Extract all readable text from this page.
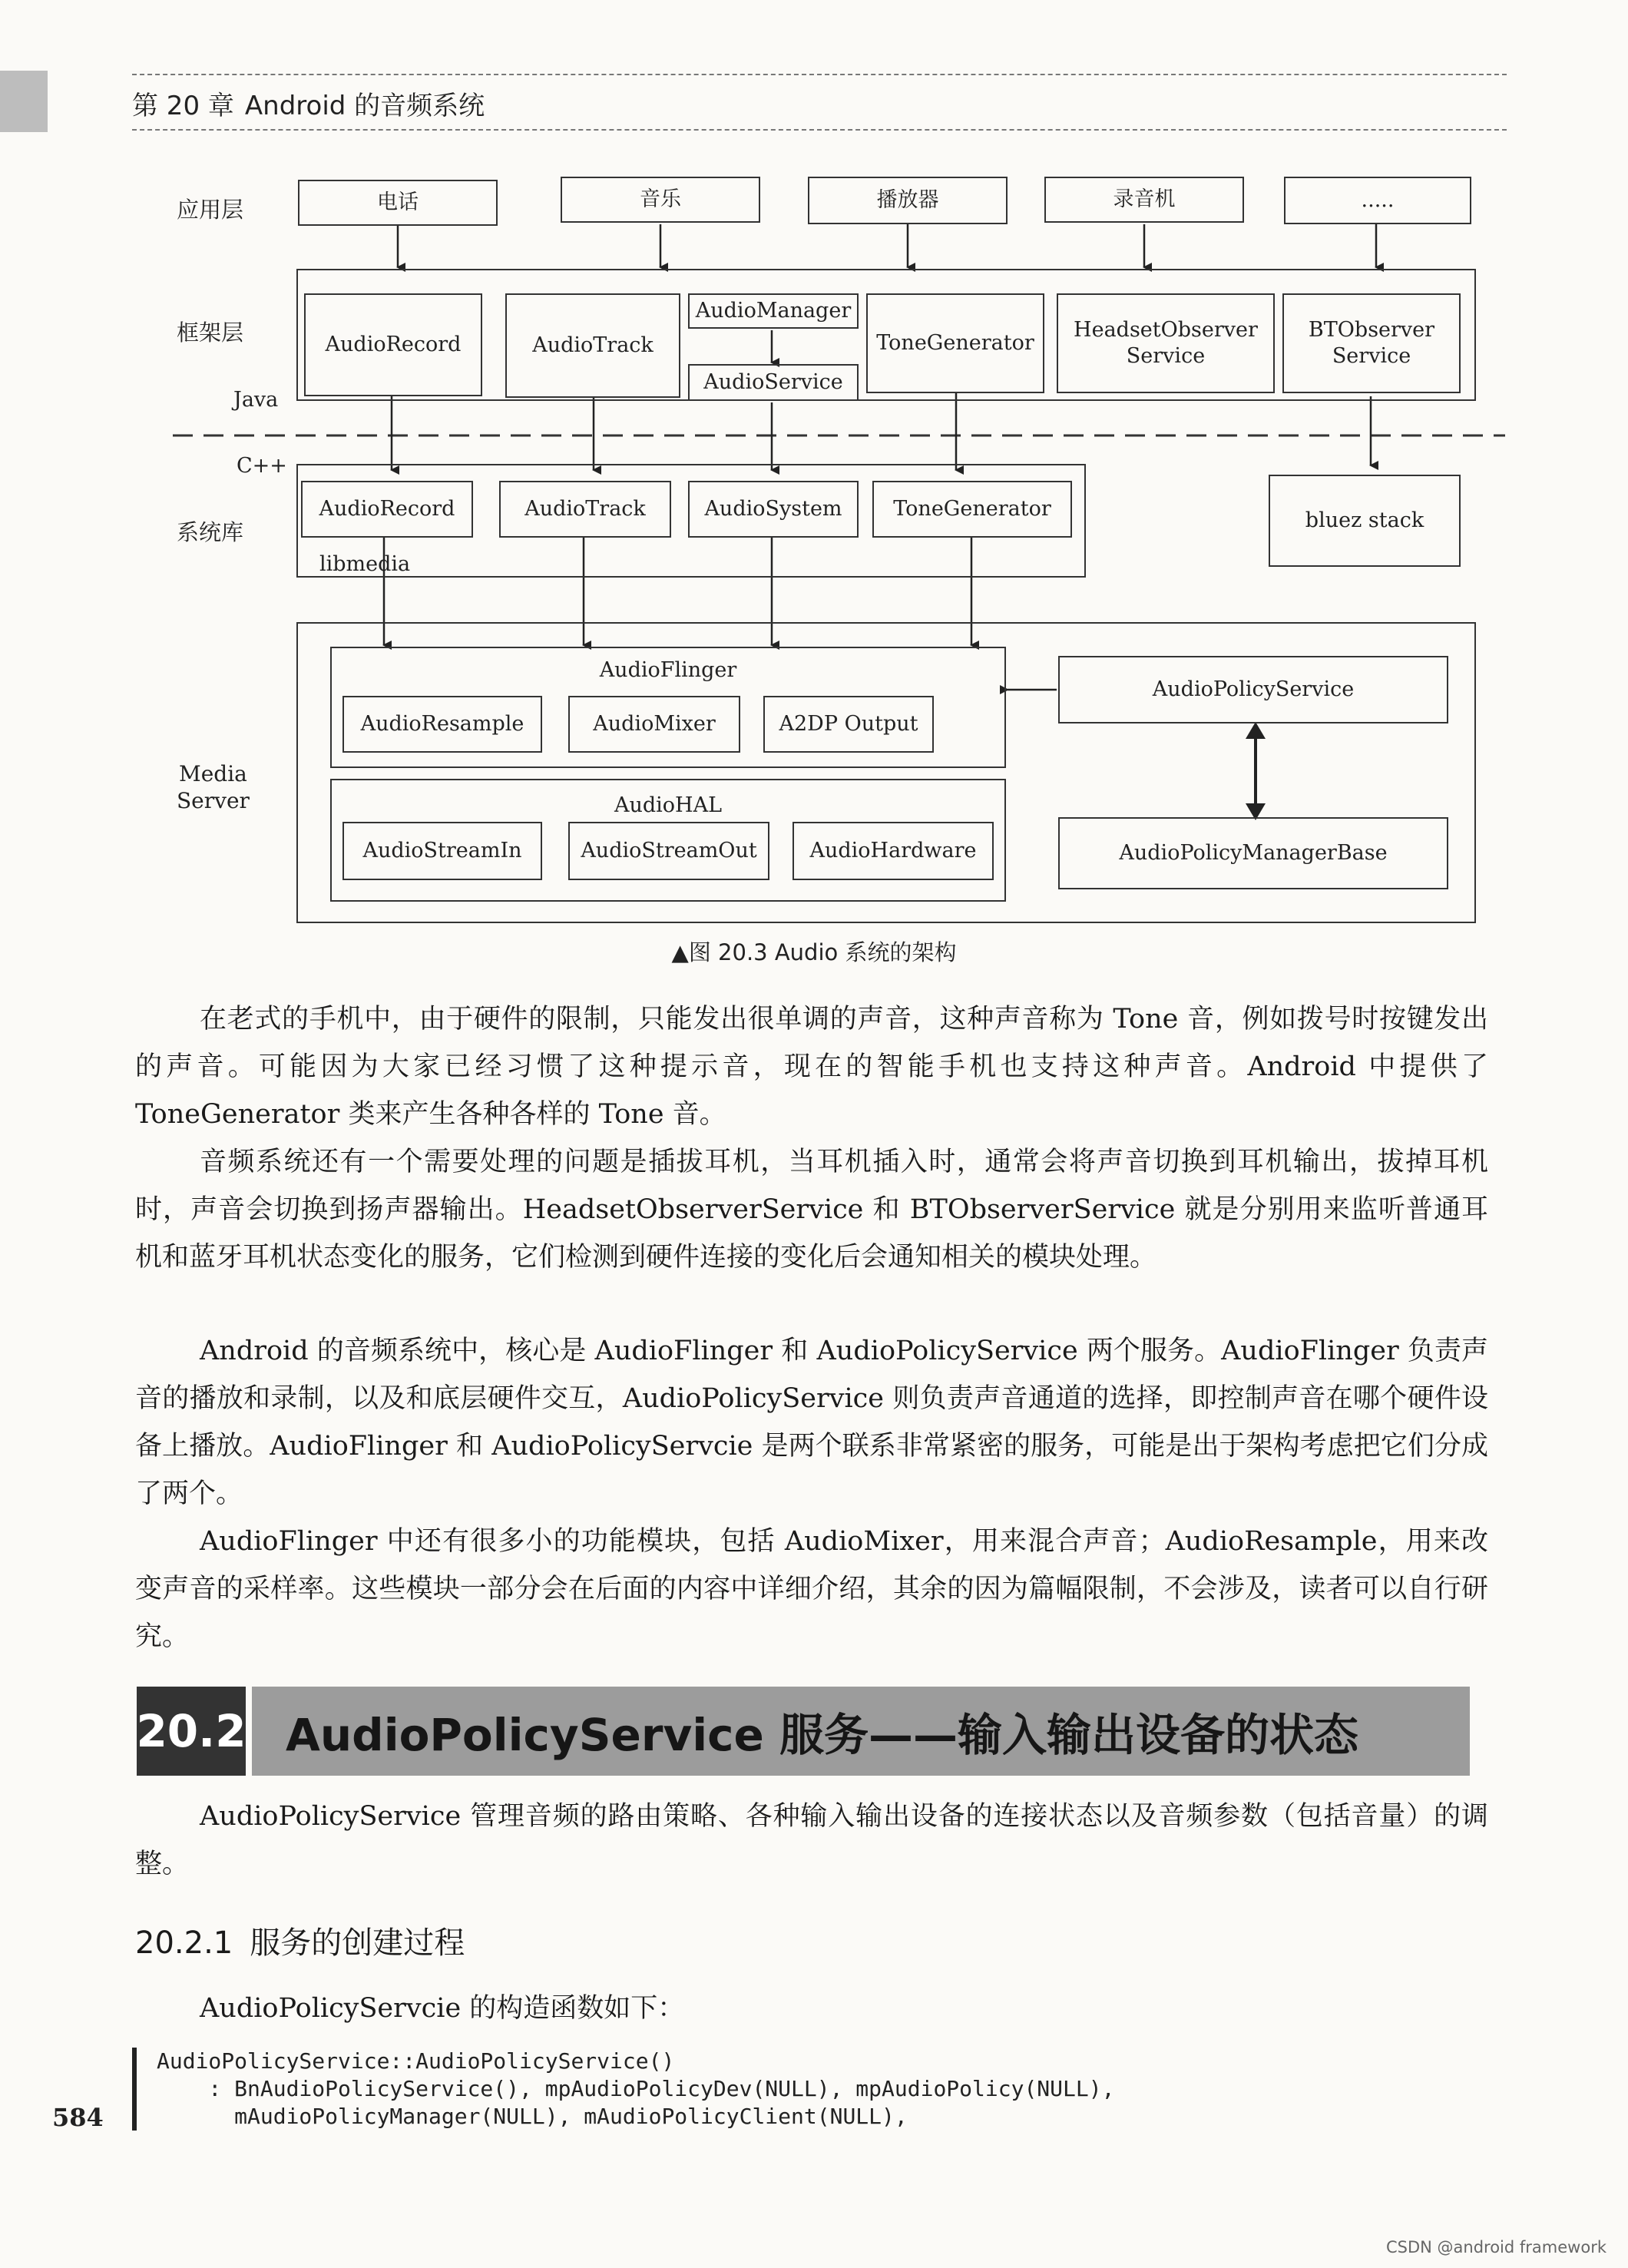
第 20 章 Android 的音频系统
应用层
框架层
Java
C++
系统库
Media
Server
电话	音乐	播放器	录音机	.....
AudioRecord	AudioTrack
AudioManager
AudioService
ToneGenerator
HeadsetObserver
Service
BTObserver
Service
AudioRecord	AudioTrack	AudioSystem	ToneGenerator
libmedia
bluez stack
AudioFlinger
AudioResample	AudioMixer	A2DP Output
AudioHAL
AudioStreamIn	AudioStreamOut	AudioHardware
AudioPolicyService
AudioPolicyManagerBase
▲图 20.3 Audio 系统的架构

在老式的手机中，由于硬件的限制，只能发出很单调的声音，这种声音称为 Tone 音，例如拨号时按键发出的声音。可能因为大家已经习惯了这种提示音，现在的智能手机也支持这种声音。Android 中提供了 ToneGenerator 类来产生各种各样的 Tone 音。

音频系统还有一个需要处理的问题是插拔耳机，当耳机插入时，通常会将声音切换到耳机输出，拔掉耳机时，声音会切换到扬声器输出。HeadsetObserverService 和 BTObserverService 就是分别用来监听普通耳机和蓝牙耳机状态变化的服务，它们检测到硬件连接的变化后会通知相关的模块处理。

Android 的音频系统中，核心是 AudioFlinger 和 AudioPolicyService 两个服务。AudioFlinger 负责声音的播放和录制，以及和底层硬件交互，AudioPolicyService 则负责声音通道的选择，即控制声音在哪个硬件设备上播放。AudioFlinger 和 AudioPolicyServcie 是两个联系非常紧密的服务，可能是出于架构考虑把它们分成了两个。

AudioFlinger 中还有很多小的功能模块，包括 AudioMixer，用来混合声音；AudioResample，用来改变声音的采样率。这些模块一部分会在后面的内容中详细介绍，其余的因为篇幅限制，不会涉及，读者可以自行研究。

20.2 AudioPolicyService 服务——输入输出设备的状态

AudioPolicyService 管理音频的路由策略、各种输入输出设备的连接状态以及音频参数（包括音量）的调整。

20.2.1 服务的创建过程

AudioPolicyServcie 的构造函数如下：

AudioPolicyService::AudioPolicyService()
: BnAudioPolicyService(), mpAudioPolicyDev(NULL), mpAudioPolicy(NULL),
mAudioPolicyManager(NULL), mAudioPolicyClient(NULL),
584
CSDN @android framework
